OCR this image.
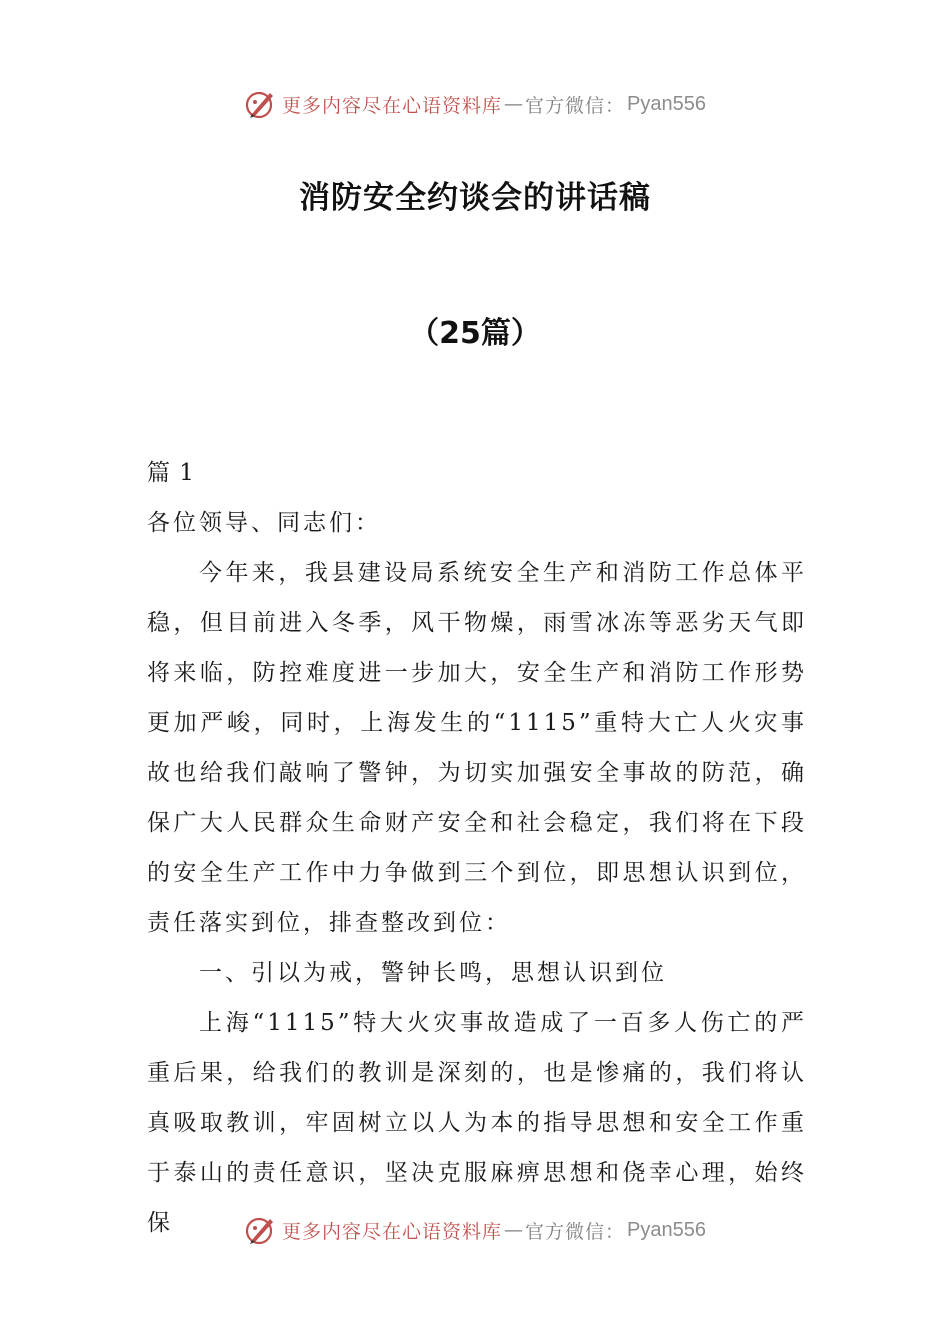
更多内容尽在心语资料库 — 官方微信： Pyan556
消防安全约谈会的讲话稿
（25篇）

篇 1

各位领导、同志们：

今年来，我县建设局系统安全生产和消防工作总体平稳，但目前进入冬季，风干物燥，雨雪冰冻等恶劣天气即将来临，防控难度进一步加大，安全生产和消防工作形势更加严峻，同时，上海发生的“1115”重特大亡人火灾事故也给我们敲响了警钟，为切实加强安全事故的防范，确保广大人民群众生命财产安全和社会稳定，我们将在下段的安全生产工作中力争做到三个到位，即思想认识到位，责任落实到位，排查整改到位：

一、引以为戒，警钟长鸣，思想认识到位

上海“1115”特大火灾事故造成了一百多人伤亡的严重后果，给我们的教训是深刻的，也是惨痛的，我们将认真吸取教训，牢固树立以人为本的指导思想和安全工作重于泰山的责任意识，坚决克服麻痹思想和侥幸心理，始终保	更多内容尽在心语资料库 — 官方微信： Pyan556
